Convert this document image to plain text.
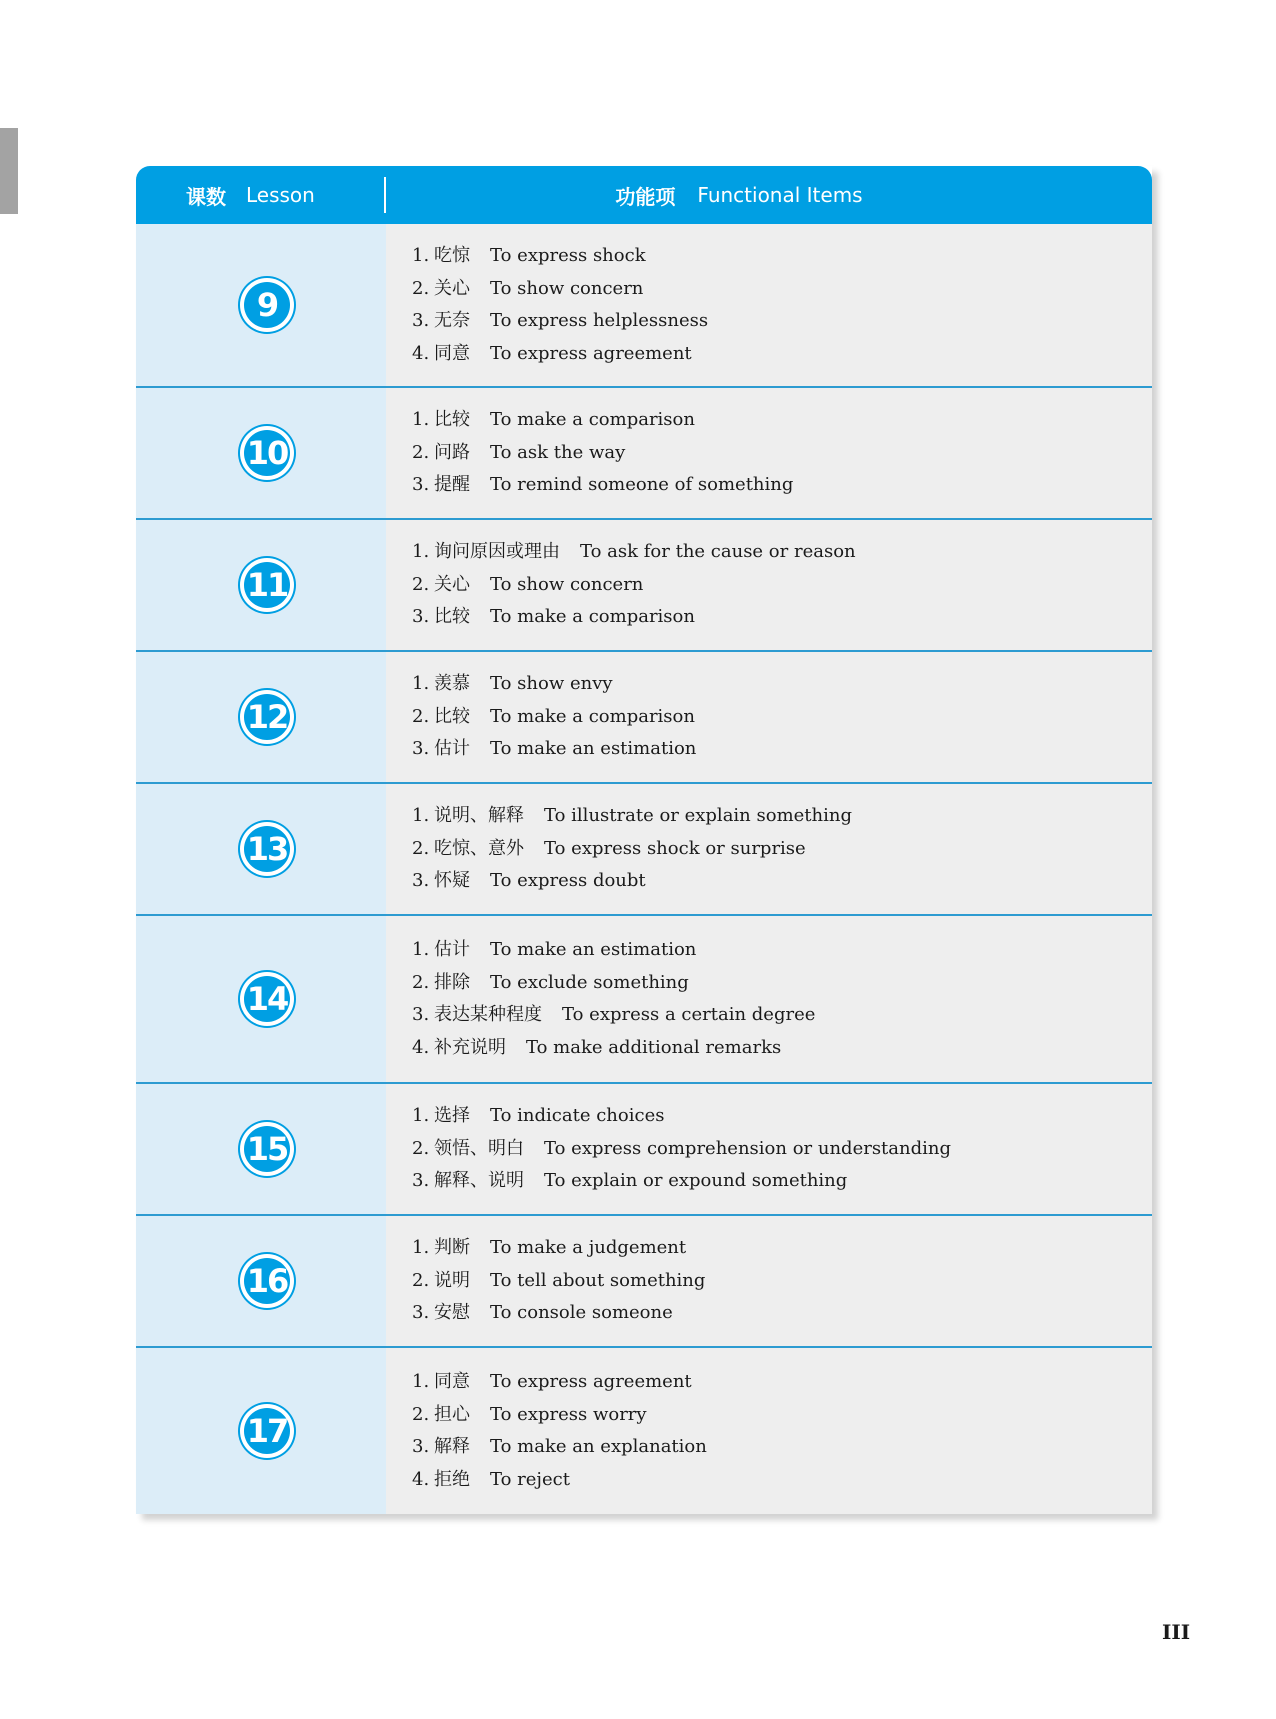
课数 Lesson	功能项 Functional Items
9
1. 吃惊 To express shock
2. 关心 To show concern
3. 无奈 To express helplessness
4. 同意 To express agreement
10
1. 比较 To make a comparison
2. 问路 To ask the way
3. 提醒 To remind someone of something
11
1. 询问原因或理由 To ask for the cause or reason
2. 关心 To show concern
3. 比较 To make a comparison
12
1. 羡慕 To show envy
2. 比较 To make a comparison
3. 估计 To make an estimation
13
1. 说明、解释 To illustrate or explain something
2. 吃惊、意外 To express shock or surprise
3. 怀疑 To express doubt
14
1. 估计 To make an estimation
2. 排除 To exclude something
3. 表达某种程度 To express a certain degree
4. 补充说明 To make additional remarks
15
1. 选择 To indicate choices
2. 领悟、明白 To express comprehension or understanding
3. 解释、说明 To explain or expound something
16
1. 判断 To make a judgement
2. 说明 To tell about something
3. 安慰 To console someone
17
1. 同意 To express agreement
2. 担心 To express worry
3. 解释 To make an explanation
4. 拒绝 To reject
III
